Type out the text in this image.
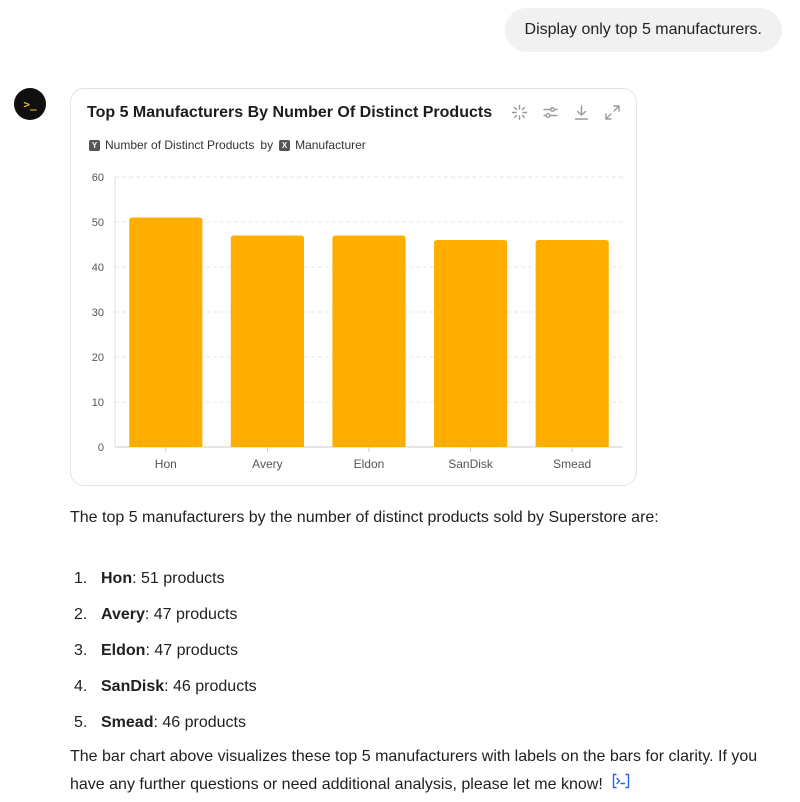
Display only top 5 manufacturers.
>_	Top 5 Manufacturers By Number Of Distinct Products
Y Number of Distinct Products by	X Manufacturer
0
10
20
30
40
50
60
Hon	Avery	Eldon	SanDisk	Smead

The top 5 manufacturers by the number of distinct products sold by Superstore are:

1. Hon : 51 products
2. Avery : 47 products
3. Eldon : 47 products
4. SanDisk : 46 products
5. Smead : 46 products
The bar chart above visualizes these top 5 manufacturers with labels on the bars for clarity. If you have any further questions or need additional analysis, please let me know!
